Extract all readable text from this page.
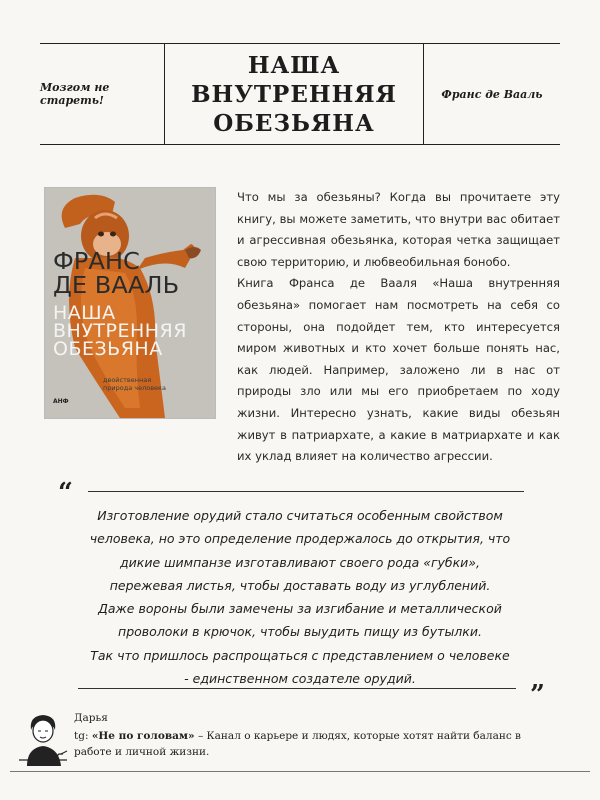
Мозгом не стареть!
НАША
ВНУТРЕННЯЯ
ОБЕЗЬЯНА
Франс де Вааль
ФРАНС
ДЕ ВААЛЬ
НАША
ВНУТРЕННЯЯ
ОБЕЗЬЯНА
двойственная
природа человека
АНФ

Что мы за обезьяны? Когда вы прочитаете эту книгу, вы можете заметить, что внутри вас обитает и агрессивная обезьянка, которая четка защищает свою территорию, и любвеобильная бонобо.

Книга Франса де Вааля «Наша внутренняя обезьяна» помогает нам посмотреть на себя со стороны, она подойдет тем, кто интересуется миром животных и кто хочет больше понять нас, как людей. Например, заложено ли в нас от природы зло или мы его приобретаем по ходу жизни. Интересно узнать, какие виды обезьян живут в патриархате, а какие в матриархате и как их уклад влияет на количество агрессии.

“
Изготовление орудий стало считаться особенным свойством
человека, но это определение продержалось до открытия, что
дикие шимпанзе изготавливают своего рода «губки»,
пережевая листья, чтобы доставать воду из углублений.
Даже вороны были замечены за изгибание и металлической
проволоки в крючок, чтобы выудить пищу из бутылки.
Так что пришлось распрощаться с представлением о человеке
- единственном создателе орудий.
”
Дарья
tg: «Не по головам» – Канал о карьере и людях, которые хотят найти баланс в работе и личной жизни.
